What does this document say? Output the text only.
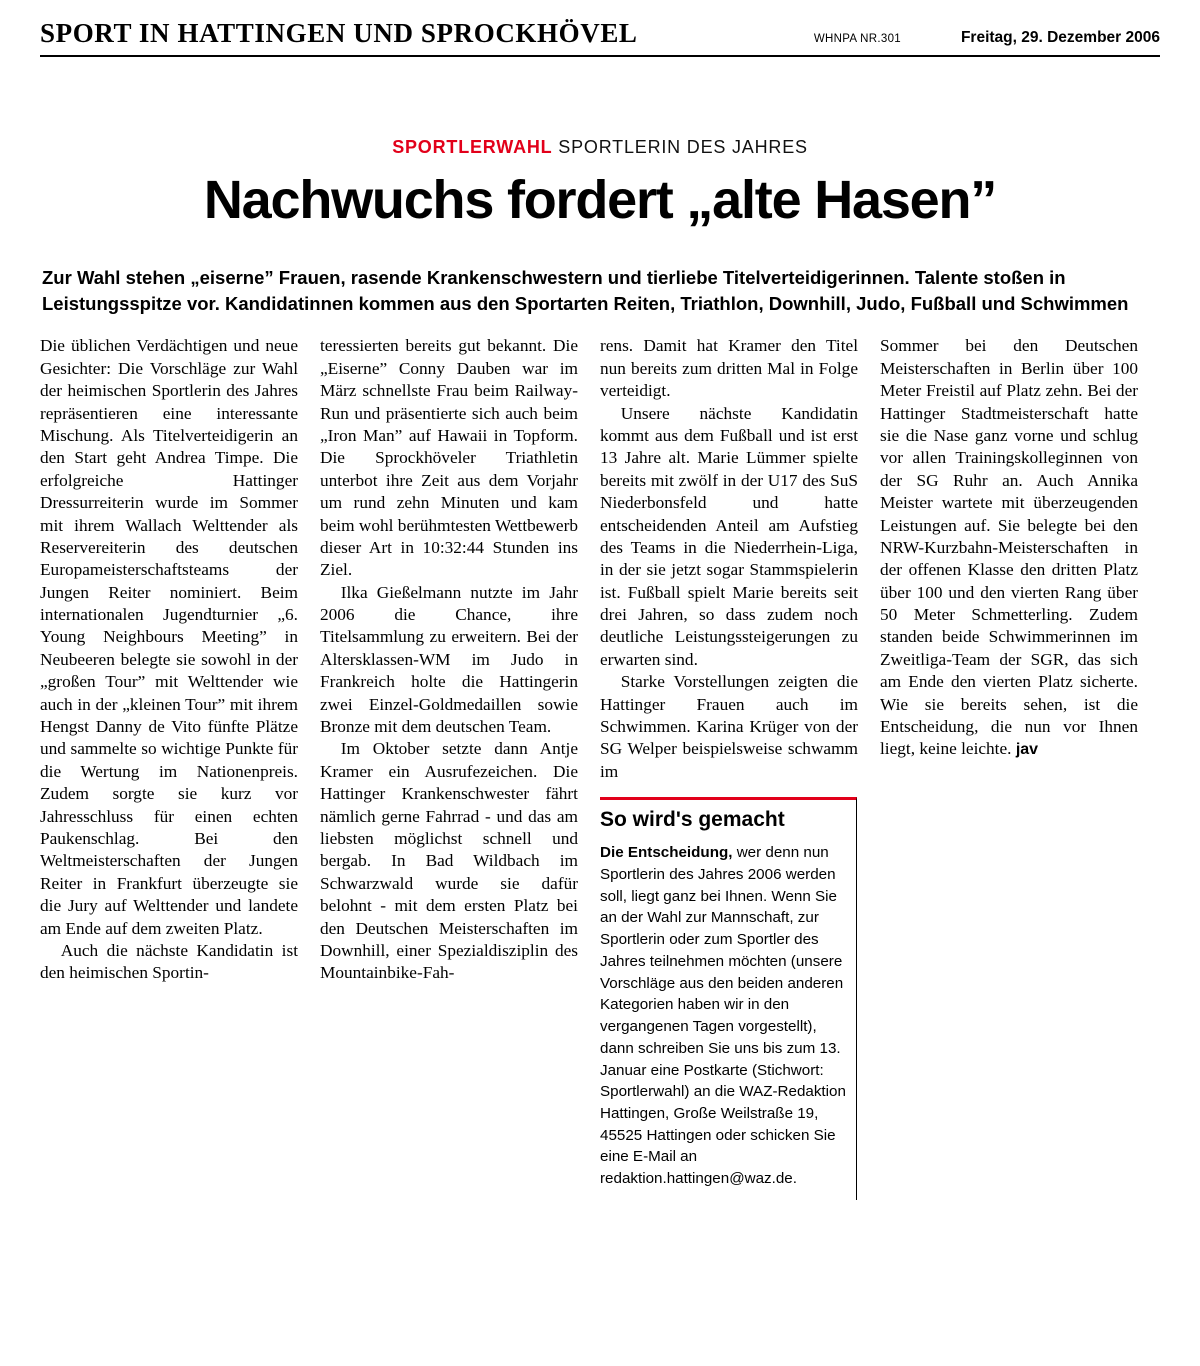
SPORT IN HATTINGEN UND SPROCKHÖVEL	WHNPA NR.301	Freitag, 29. Dezember 2006
SPORTLERWAHL SPORTLERIN DES JAHRES
Nachwuchs fordert „alte Hasen”
Zur Wahl stehen „eiserne” Frauen, rasende Krankenschwestern und tierliebe Titelverteidigerinnen. Talente stoßen in Leistungsspitze vor. Kandidatinnen kommen aus den Sportarten Reiten, Triathlon, Downhill, Judo, Fußball und Schwimmen

Die üblichen Verdächtigen und neue Gesichter: Die Vorschläge zur Wahl der heimischen Sportlerin des Jahres repräsentieren eine interessante Mischung. Als Titelverteidigerin an den Start geht Andrea Timpe. Die erfolgreiche Hattinger Dressurreiterin wurde im Sommer mit ihrem Wallach Welttender als Reservereiterin des deutschen Europameisterschaftsteams der Jungen Reiter nominiert. Beim internationalen Jugendturnier „6. Young Neighbours Meeting” in Neubeeren belegte sie sowohl in der „großen Tour” mit Welttender wie auch in der „kleinen Tour” mit ihrem Hengst Danny de Vito fünfte Plätze und sammelte so wichtige Punkte für die Wertung im Nationenpreis. Zudem sorgte sie kurz vor Jahresschluss für einen echten Paukenschlag. Bei den Weltmeisterschaften der Jungen Reiter in Frankfurt überzeugte sie die Jury auf Welttender und landete am Ende auf dem zweiten Platz.

Auch die nächste Kandidatin ist den heimischen Sportin-

teressierten bereits gut bekannt. Die „Eiserne” Conny Dauben war im März schnellste Frau beim Railway-Run und präsentierte sich auch beim „Iron Man” auf Hawaii in Topform. Die Sprockhöveler Triathletin unterbot ihre Zeit aus dem Vorjahr um rund zehn Minuten und kam beim wohl berühmtesten Wettbewerb dieser Art in 10:32:44 Stunden ins Ziel.

Ilka Gießelmann nutzte im Jahr 2006 die Chance, ihre Titelsammlung zu erweitern. Bei der Altersklassen-WM im Judo in Frankreich holte die Hattingerin zwei Einzel-Goldmedaillen sowie Bronze mit dem deutschen Team.

Im Oktober setzte dann Antje Kramer ein Ausrufezeichen. Die Hattinger Krankenschwester fährt nämlich gerne Fahrrad - und das am liebsten möglichst schnell und bergab. In Bad Wildbach im Schwarzwald wurde sie dafür belohnt - mit dem ersten Platz bei den Deutschen Meisterschaften im Downhill, einer Spezialdisziplin des Mountainbike-Fah-

rens. Damit hat Kramer den Titel nun bereits zum dritten Mal in Folge verteidigt.

Unsere nächste Kandidatin kommt aus dem Fußball und ist erst 13 Jahre alt. Marie Lümmer spielte bereits mit zwölf in der U17 des SuS Niederbonsfeld und hatte entscheidenden Anteil am Aufstieg des Teams in die Niederrhein-Liga, in der sie jetzt sogar Stammspielerin ist. Fußball spielt Marie bereits seit drei Jahren, so dass zudem noch deutliche Leistungssteigerungen zu erwarten sind.

Starke Vorstellungen zeigten die Hattinger Frauen auch im Schwimmen. Karina Krüger von der SG Welper beispielsweise schwamm im

So wird's gemacht
Die Entscheidung, wer denn nun Sportlerin des Jahres 2006 werden soll, liegt ganz bei Ihnen. Wenn Sie an der Wahl zur Mannschaft, zur Sportlerin oder zum Sportler des Jahres teilnehmen möchten (unsere Vorschläge aus den beiden anderen Kategorien haben wir in den vergangenen Tagen vorgestellt), dann schreiben Sie uns bis zum 13. Januar eine Postkarte (Stichwort: Sportlerwahl) an die WAZ-Redaktion Hattingen, Große Weilstraße 19, 45525 Hattingen oder schicken Sie eine E-Mail an redaktion.hattingen@waz.de.

Sommer bei den Deutschen Meisterschaften in Berlin über 100 Meter Freistil auf Platz zehn. Bei der Hattinger Stadtmeisterschaft hatte sie die Nase ganz vorne und schlug vor allen Trainingskolleginnen von der SG Ruhr an. Auch Annika Meister wartete mit überzeugenden Leistungen auf. Sie belegte bei den NRW-Kurzbahn-Meisterschaften in der offenen Klasse den dritten Platz über 100 und den vierten Rang über 50 Meter Schmetterling. Zudem standen beide Schwimmerinnen im Zweitliga-Team der SGR, das sich am Ende den vierten Platz sicherte. Wie sie bereits sehen, ist die Entscheidung, die nun vor Ihnen liegt, keine leichte. jav
